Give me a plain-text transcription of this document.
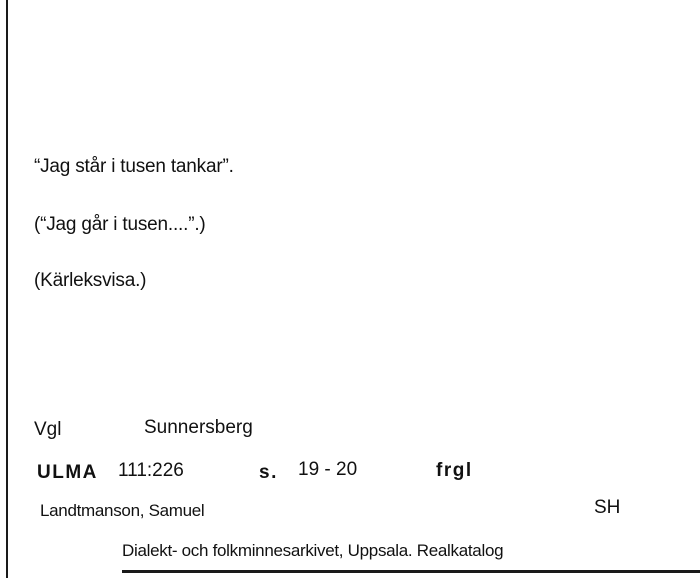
“Jag står i tusen tankar”.
(“Jag går i tusen....”.)
(Kärleksvisa.)
Vgl	Sunnersberg
ULMA 111:226	s. 19 - 20	frgl
Landtmanson, Samuel	SH
Dialekt- och folkminnesarkivet, Uppsala. Realkatalog
